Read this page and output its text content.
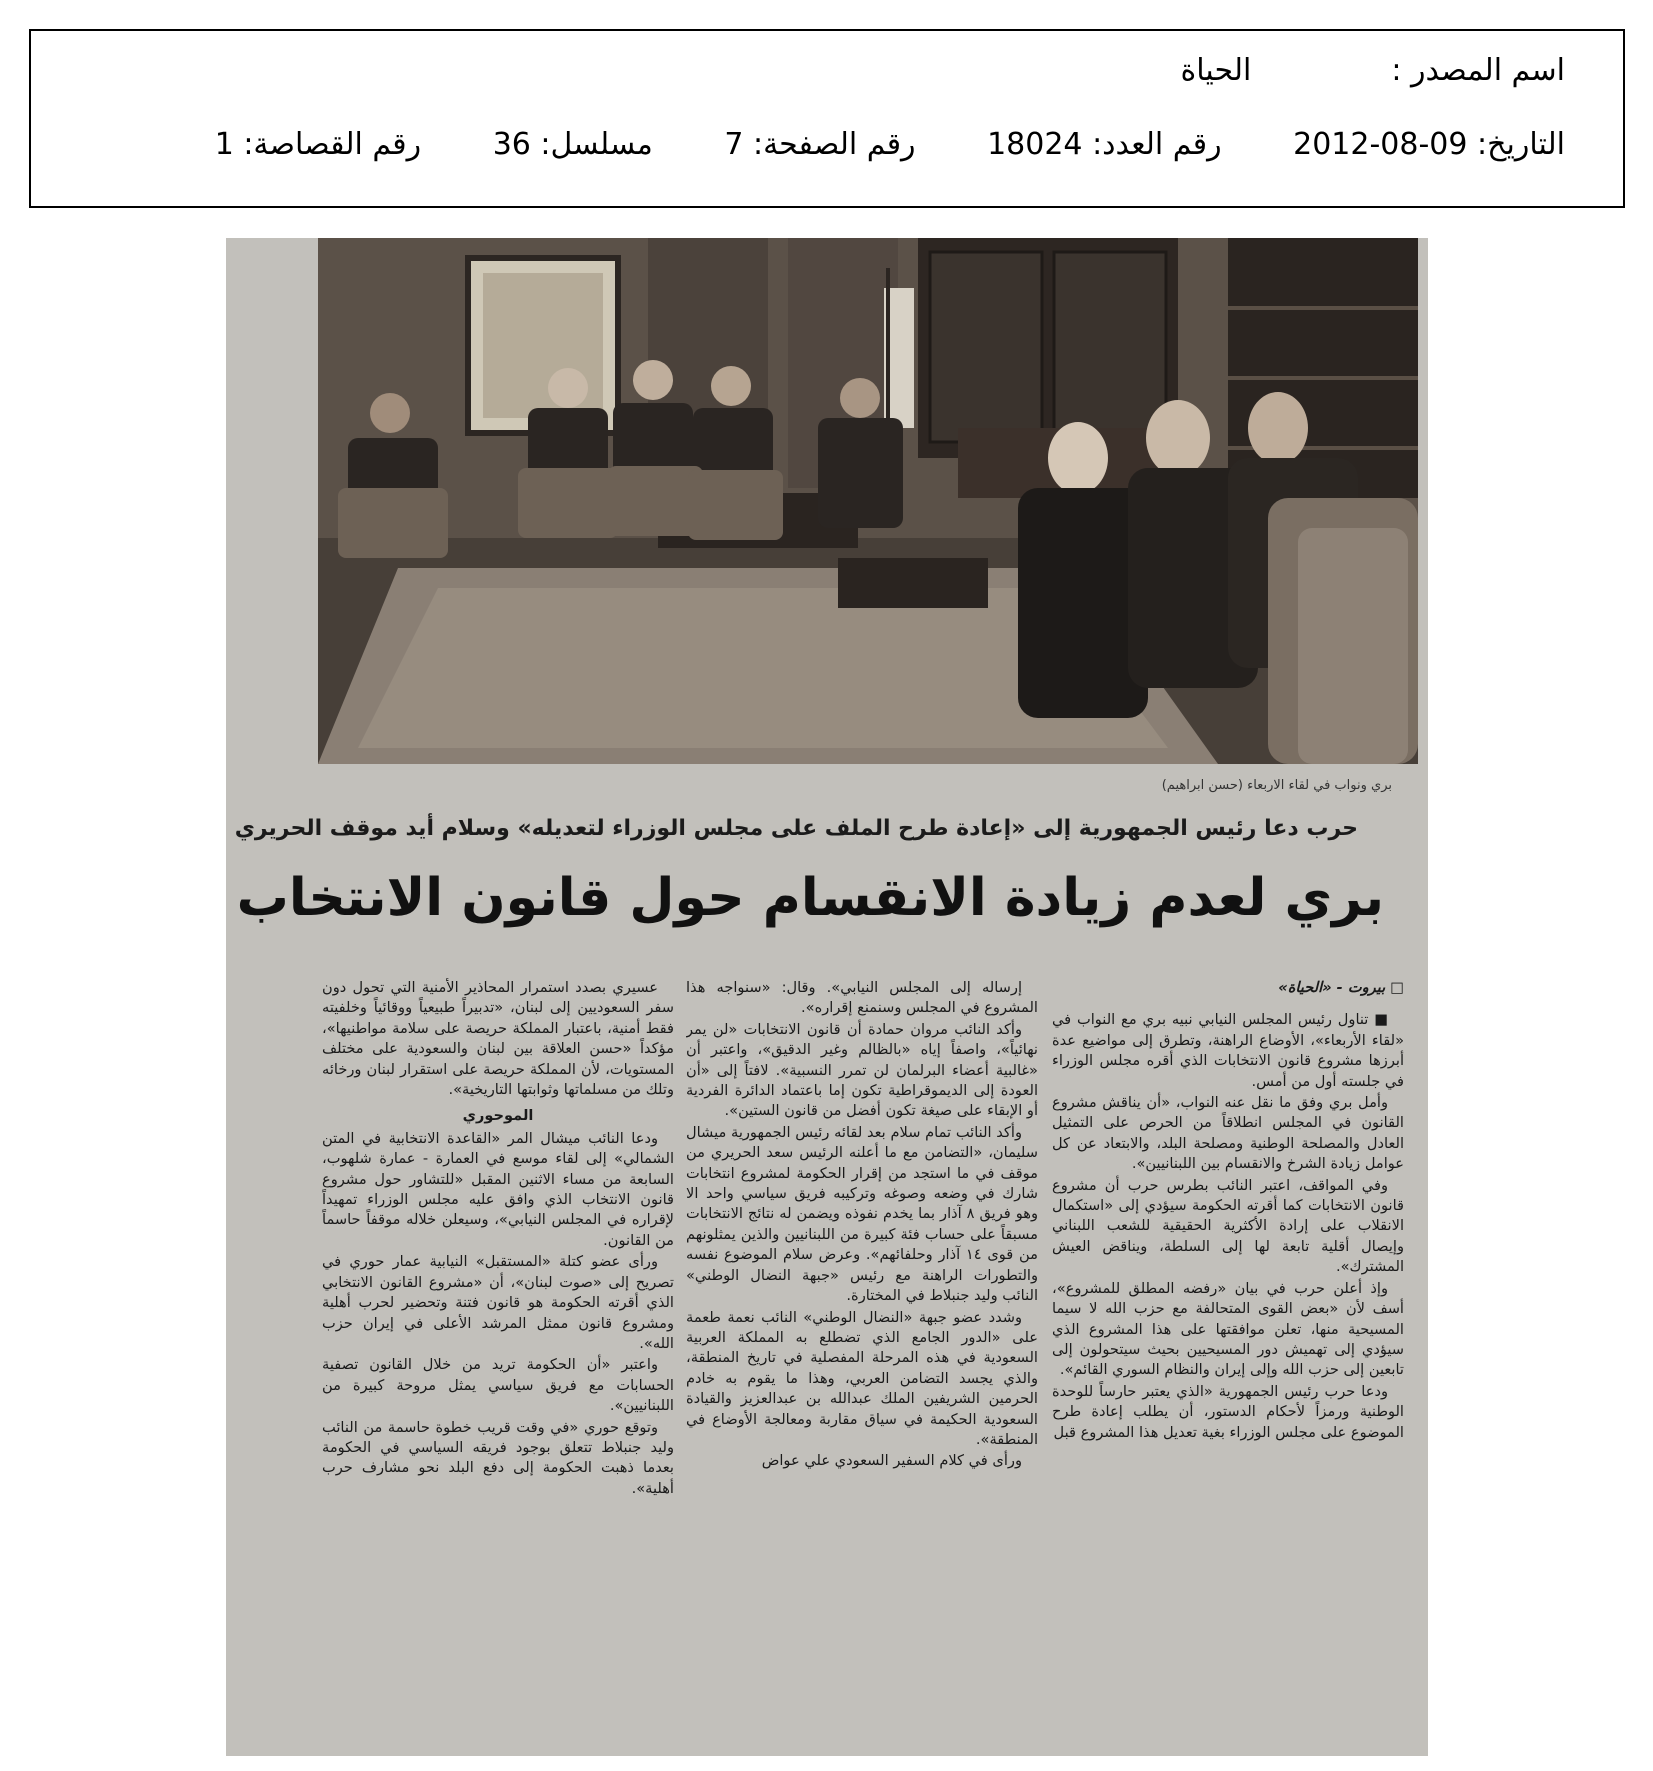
اسم المصدر :الحياة
التاريخ: 2012-08-09 رقم العدد: 18024 رقم الصفحة: 7 مسلسل: 36 رقم القصاصة: 1
بري ونواب في لقاء الاربعاء (حسن ابراهيم)
حرب دعا رئيس الجمهورية إلى «إعادة طرح الملف على مجلس الوزراء لتعديله» وسلام أيد موقف الحريري
بري لعدم زيادة الانقسام حول قانون الانتخاب

□ بيروت - «الحياة»

■ تناول رئيس المجلس النيابي نبيه بري مع النواب في «لقاء الأربعاء»، الأوضاع الراهنة، وتطرق إلى مواضيع عدة أبرزها مشروع قانون الانتخابات الذي أقره مجلس الوزراء في جلسته أول من أمس.

وأمل بري وفق ما نقل عنه النواب، «أن يناقش مشروع القانون في المجلس انطلاقاً من الحرص على التمثيل العادل والمصلحة الوطنية ومصلحة البلد، والابتعاد عن كل عوامل زيادة الشرخ والانقسام بين اللبنانيين».

وفي المواقف، اعتبر النائب بطرس حرب أن مشروع قانون الانتخابات كما أقرته الحكومة سيؤدي إلى «استكمال الانقلاب على إرادة الأكثرية الحقيقية للشعب اللبناني وإيصال أقلية تابعة لها إلى السلطة، ويناقض العيش المشترك».

وإذ أعلن حرب في بيان «رفضه المطلق للمشروع»، أسف لأن «بعض القوى المتحالفة مع حزب الله لا سيما المسيحية منها، تعلن موافقتها على هذا المشروع الذي سيؤدي إلى تهميش دور المسيحيين بحيث سيتحولون إلى تابعين إلى حزب الله وإلى إيران والنظام السوري القائم».

ودعا حرب رئيس الجمهورية «الذي يعتبر حارساً للوحدة الوطنية ورمزاً لأحكام الدستور، أن يطلب إعادة طرح الموضوع على مجلس الوزراء بغية تعديل هذا المشروع قبل

إرساله إلى المجلس النيابي». وقال: «سنواجه هذا المشروع في المجلس وسنمنع إقراره».

وأكد النائب مروان حمادة أن قانون الانتخابات «لن يمر نهائياً»، واصفاً إياه «بالظالم وغير الدقيق»، واعتبر أن «غالبية أعضاء البرلمان لن تمرر النسبية». لافتاً إلى «أن العودة إلى الديموقراطية تكون إما باعتماد الدائرة الفردية أو الإبقاء على صيغة تكون أفضل من قانون الستين».

وأكد النائب تمام سلام بعد لقائه رئيس الجمهورية ميشال سليمان، «التضامن مع ما أعلنه الرئيس سعد الحريري من موقف في ما استجد من إقرار الحكومة لمشروع انتخابات شارك في وضعه وصوغه وتركيبه فريق سياسي واحد الا وهو فريق ٨ آذار بما يخدم نفوذه ويضمن له نتائج الانتخابات مسبقاً على حساب فئة كبيرة من اللبنانيين والذين يمثلونهم من قوى ١٤ آذار وحلفائهم». وعرض سلام الموضوع نفسه والتطورات الراهنة مع رئيس «جبهة النضال الوطني» النائب وليد جنبلاط في المختارة.

وشدد عضو جبهة «النضال الوطني» النائب نعمة طعمة على «الدور الجامع الذي تضطلع به المملكة العربية السعودية في هذه المرحلة المفصلية في تاريخ المنطقة، والذي يجسد التضامن العربي، وهذا ما يقوم به خادم الحرمين الشريفين الملك عبدالله بن عبدالعزيز والقيادة السعودية الحكيمة في سياق مقاربة ومعالجة الأوضاع في المنطقة».

ورأى في كلام السفير السعودي علي عواض

عسيري بصدد استمرار المحاذير الأمنية التي تحول دون سفر السعوديين إلى لبنان، «تدبيراً طبيعياً ووقائياً وخلفيته فقط أمنية، باعتبار المملكة حريصة على سلامة مواطنيها»، مؤكداً «حسن العلاقة بين لبنان والسعودية على مختلف المستويات، لأن المملكة حريصة على استقرار لبنان ورخائه وتلك من مسلماتها وثوابتها التاريخية».

الموحوري

ودعا النائب ميشال المر «القاعدة الانتخابية في المتن الشمالي» إلى لقاء موسع في العمارة - عمارة شلهوب، السابعة من مساء الاثنين المقبل «للتشاور حول مشروع قانون الانتخاب الذي وافق عليه مجلس الوزراء تمهيداً لإقراره في المجلس النيابي»، وسيعلن خلاله موقفاً حاسماً من القانون.

ورأى عضو كتلة «المستقبل» النيابية عمار حوري في تصريح إلى «صوت لبنان»، أن «مشروع القانون الانتخابي الذي أقرته الحكومة هو قانون فتنة وتحضير لحرب أهلية ومشروع قانون ممثل المرشد الأعلى في إيران حزب الله».

واعتبر «أن الحكومة تريد من خلال القانون تصفية الحسابات مع فريق سياسي يمثل مروحة كبيرة من اللبنانيين».

وتوقع حوري «في وقت قريب خطوة حاسمة من النائب وليد جنبلاط تتعلق بوجود فريقه السياسي في الحكومة بعدما ذهبت الحكومة إلى دفع البلد نحو مشارف حرب أهلية».
